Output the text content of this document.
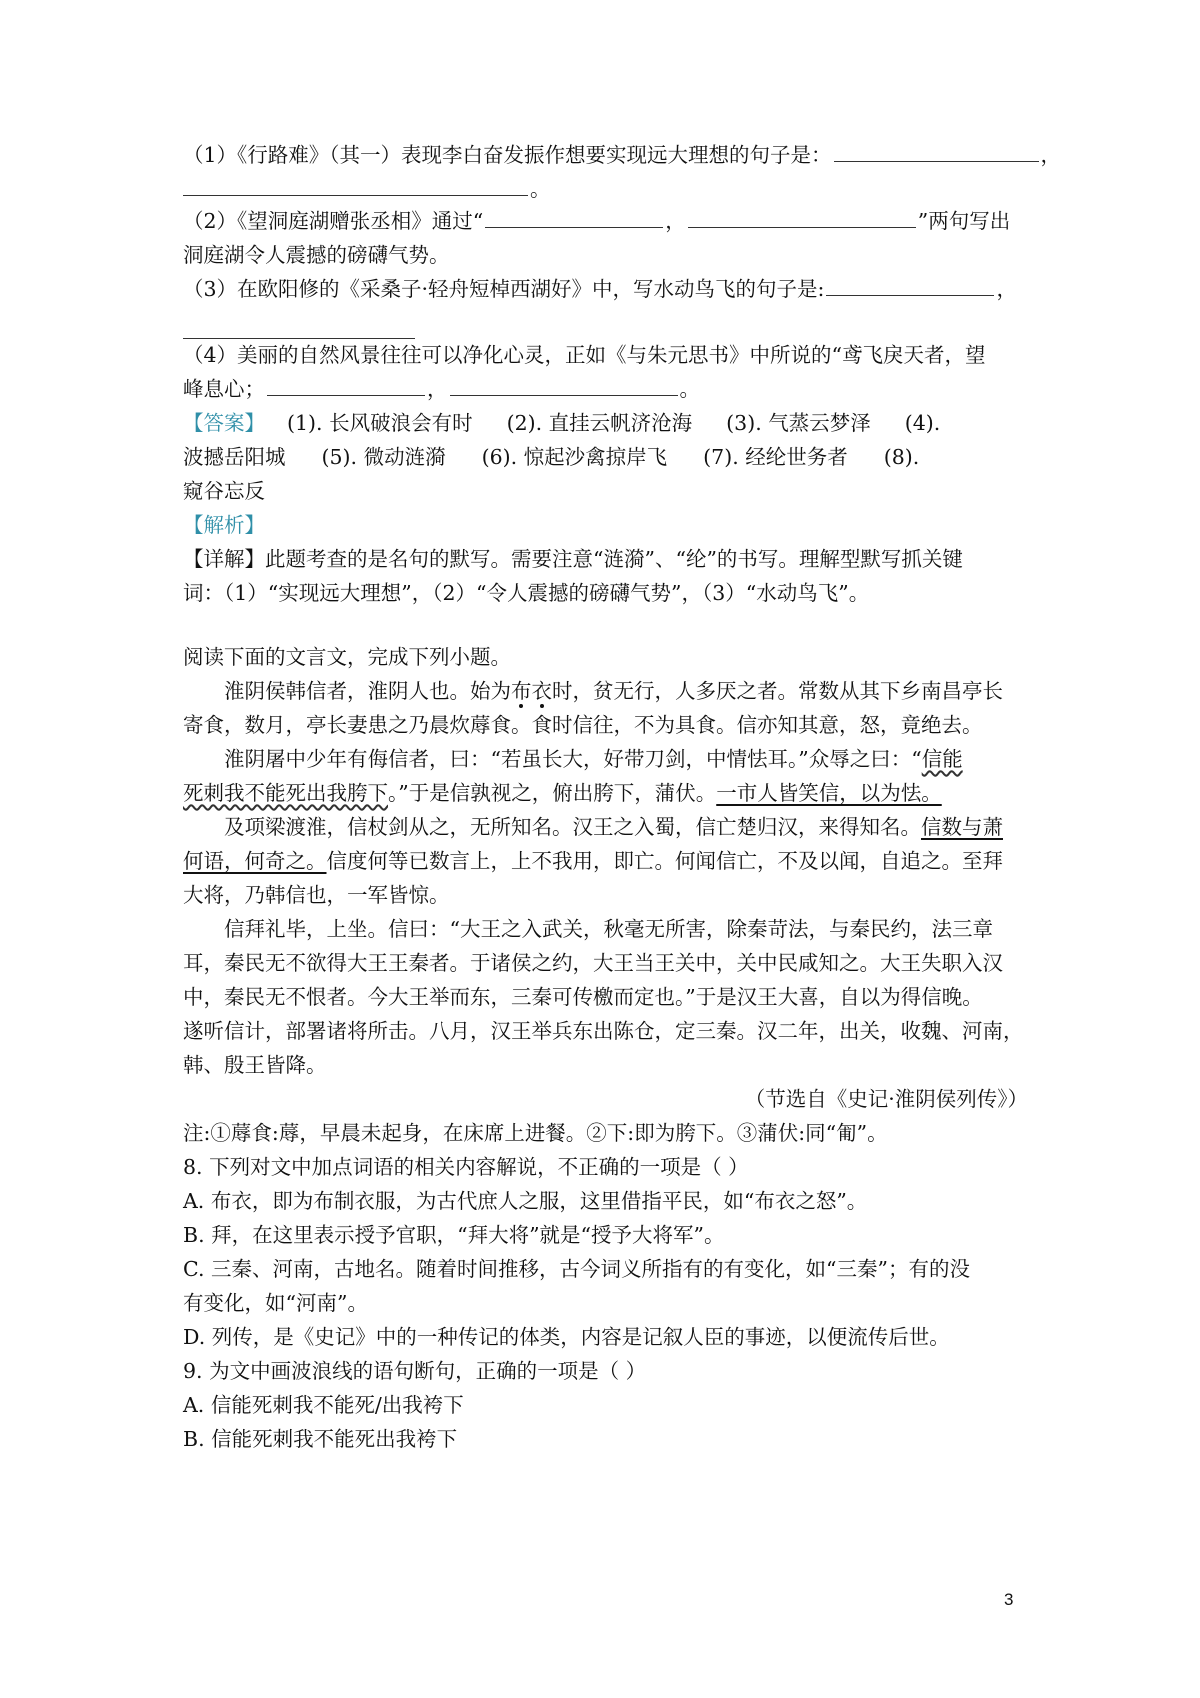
（1）《行路难》（其一）表现李白奋发振作想要实现远大理想的句子是：	，
。
（2）《望洞庭湖赠张丞相》通过“	，	”两句写出
洞庭湖令人震撼的磅礴气势。
（3）在欧阳修的《采桑子·轻舟短棹西湖好》中，写水动鸟飞的句子是:	，
（4）美丽的自然风景往往可以净化心灵，正如《与朱元思书》中所说的“鸢飞戾天者，望
峰息心；	，	。
【答案】 (1). 长风破浪会有时 (2). 直挂云帆济沧海 (3). 气蒸云梦泽 (4).
波撼岳阳城 (5). 微动涟漪 (6). 惊起沙禽掠岸飞 (7). 经纶世务者 (8).
窥谷忘反
【解析】
【详解】此题考查的是名句的默写。需要注意“涟漪”、“纶”的书写。理解型默写抓关键
词：（1）“实现远大理想”，（2）“令人震撼的磅礴气势”，（3）“水动鸟飞”。
阅读下面的文言文，完成下列小题。
淮阴侯韩信者，淮阴人也。始为布衣时，贫无行，人多厌之者。常数从其下乡南昌亭长
寄食，数月，亭长妻患之乃晨炊蓐食。食时信往，不为具食。信亦知其意，怒，竟绝去。
淮阴屠中少年有侮信者，曰：“若虽长大，好带刀剑，中情怯耳。”众辱之曰：“信能
死刺我不能死出我胯下。”于是信孰视之，俯出胯下，蒲伏。一市人皆笑信，以为怯。
及项梁渡淮，信杖剑从之，无所知名。汉王之入蜀，信亡楚归汉，来得知名。信数与萧
何语，何奇之。信度何等已数言上，上不我用，即亡。何闻信亡，不及以闻，自追之。至拜
大将，乃韩信也，一军皆惊。
信拜礼毕，上坐。信曰：“大王之入武关，秋毫无所害，除秦苛法，与秦民约，法三章
耳，秦民无不欲得大王王秦者。于诸侯之约，大王当王关中，关中民咸知之。大王失职入汉
中，秦民无不恨者。今大王举而东，三秦可传檄而定也。”于是汉王大喜，自以为得信晚。
遂听信计，部署诸将所击。八月，汉王举兵东出陈仓，定三秦。汉二年，出关，收魏、河南，
韩、殷王皆降。
（节选自《史记·淮阴侯列传》）
注:①蓐食:蓐，早晨未起身，在床席上进餐。②下:即为胯下。③蒲伏:同“匍”。
8. 下列对文中加点词语的相关内容解说，不正确的一项是（ ）
A. 布衣，即为布制衣服，为古代庶人之服，这里借指平民，如“布衣之怒”。
B. 拜，在这里表示授予官职，“拜大将”就是“授予大将军”。
C. 三秦、河南，古地名。随着时间推移，古今词义所指有的有变化，如“三秦”；有的没
有变化，如“河南”。
D. 列传，是《史记》中的一种传记的体类，内容是记叙人臣的事迹，以便流传后世。
9. 为文中画波浪线的语句断句，正确的一项是（ ）
A. 信能死刺我不能死/出我袴下
B. 信能死刺我不能死出我袴下
3
